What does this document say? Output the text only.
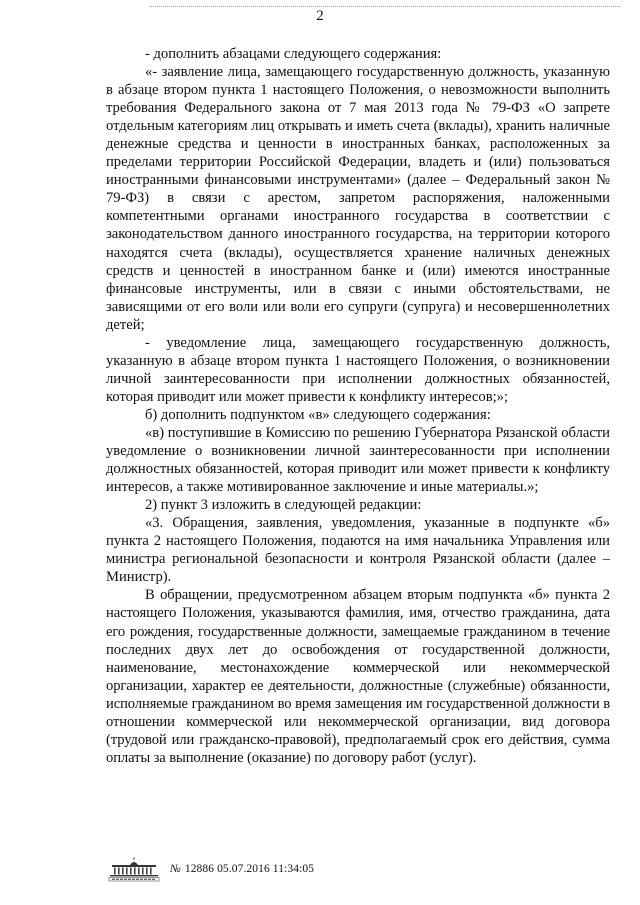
2

- дополнить абзацами следующего содержания:

«- заявление лица, замещающего государственную должность, указанную в абзаце втором пункта 1 настоящего Положения, о невозможности выполнить требования Федерального закона от 7 мая 2013 года № 79-ФЗ «О запрете отдельным категориям лиц открывать и иметь счета (вклады), хранить наличные денежные средства и ценности в иностранных банках, расположенных за пределами территории Российской Федерации, владеть и (или) пользоваться иностранными финансовыми инструментами» (далее – Федеральный закон № 79-ФЗ) в связи с арестом, запретом распоряжения, наложенными компетентными органами иностранного государства в соответствии с законодательством данного иностранного государства, на территории которого находятся счета (вклады), осуществляется хранение наличных денежных средств и ценностей в иностранном банке и (или) имеются иностранные финансовые инструменты, или в связи с иными обстоятельствами, не зависящими от его воли или воли его супруги (супруга) и несовершеннолетних детей;

- уведомление лица, замещающего государственную должность, указанную в абзаце втором пункта 1 настоящего Положения, о возникновении личной заинтересованности при исполнении должностных обязанностей, которая приводит или может привести к конфликту интересов;»;

б) дополнить подпунктом «в» следующего содержания:

«в) поступившие в Комиссию по решению Губернатора Рязанской области уведомление о возникновении личной заинтересованности при исполнении должностных обязанностей, которая приводит или может привести к конфликту интересов, а также мотивированное заключение и иные материалы.»;

2) пункт 3 изложить в следующей редакции:

«3. Обращения, заявления, уведомления, указанные в подпункте «б» пункта 2 настоящего Положения, подаются на имя начальника Управления или министра региональной безопасности и контроля Рязанской области (далее – Министр).

В обращении, предусмотренном абзацем вторым подпункта «б» пункта 2 настоящего Положения, указываются фамилия, имя, отчество гражданина, дата его рождения, государственные должности, замещаемые гражданином в течение последних двух лет до освобождения от государственной должности, наименование, местонахождение коммерческой или некоммерческой организации, характер ее деятельности, должностные (служебные) обязанности, исполняемые гражданином во время замещения им государственной должности в отношении коммерческой или некоммерческой организации, вид договора (трудовой или гражданско-правовой), предполагаемый срок его действия, сумма оплаты за выполнение (оказание) по договору работ (услуг).

№ 12886 05.07.2016 11:34:05
